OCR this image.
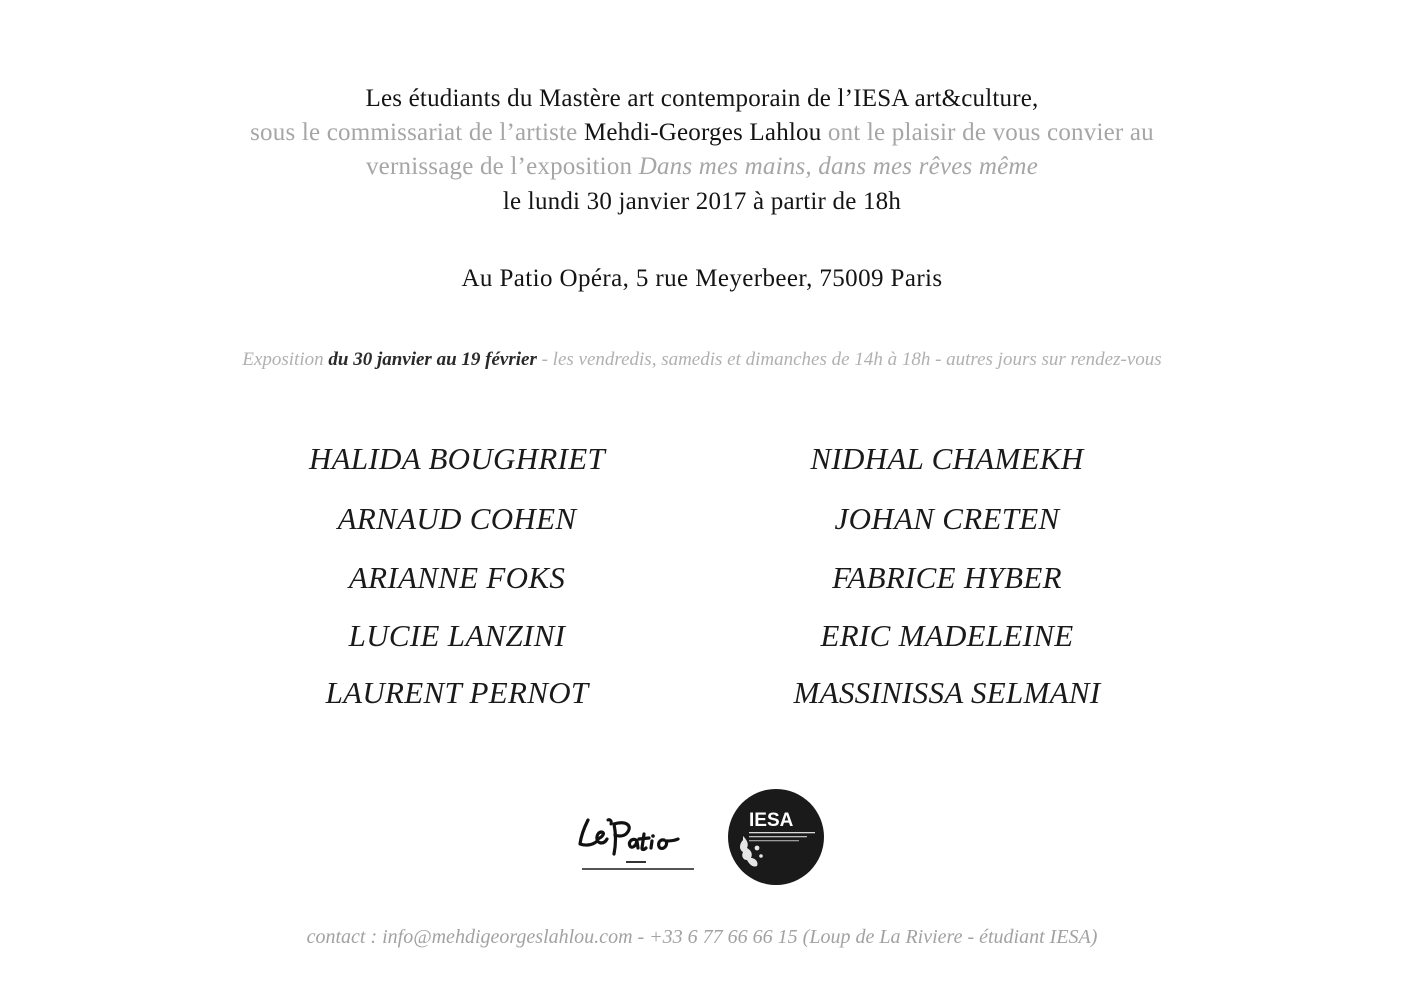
Les étudiants du Mastère art contemporain de l’IESA art&culture,
sous le commissariat de l’artiste Mehdi-Georges Lahlou ont le plaisir de vous convier au
vernissage de l’exposition Dans mes mains, dans mes rêves même
le lundi 30 janvier 2017 à partir de 18h
Au Patio Opéra, 5 rue Meyerbeer, 75009 Paris
Exposition du 30 janvier au 19 février - les vendredis, samedis et dimanches de 14h à 18h - autres jours sur rendez-vous
HALIDA BOUGHRIET
ARNAUD COHEN
ARIANNE FOKS
LUCIE LANZINI
LAURENT PERNOT
NIDHAL CHAMEKH
JOHAN CRETEN
FABRICE HYBER
ERIC MADELEINE
MASSINISSA SELMANI
IESA
contact : info@mehdigeorgeslahlou.com - +33 6 77 66 66 15 (Loup de La Riviere - étudiant IESA)
